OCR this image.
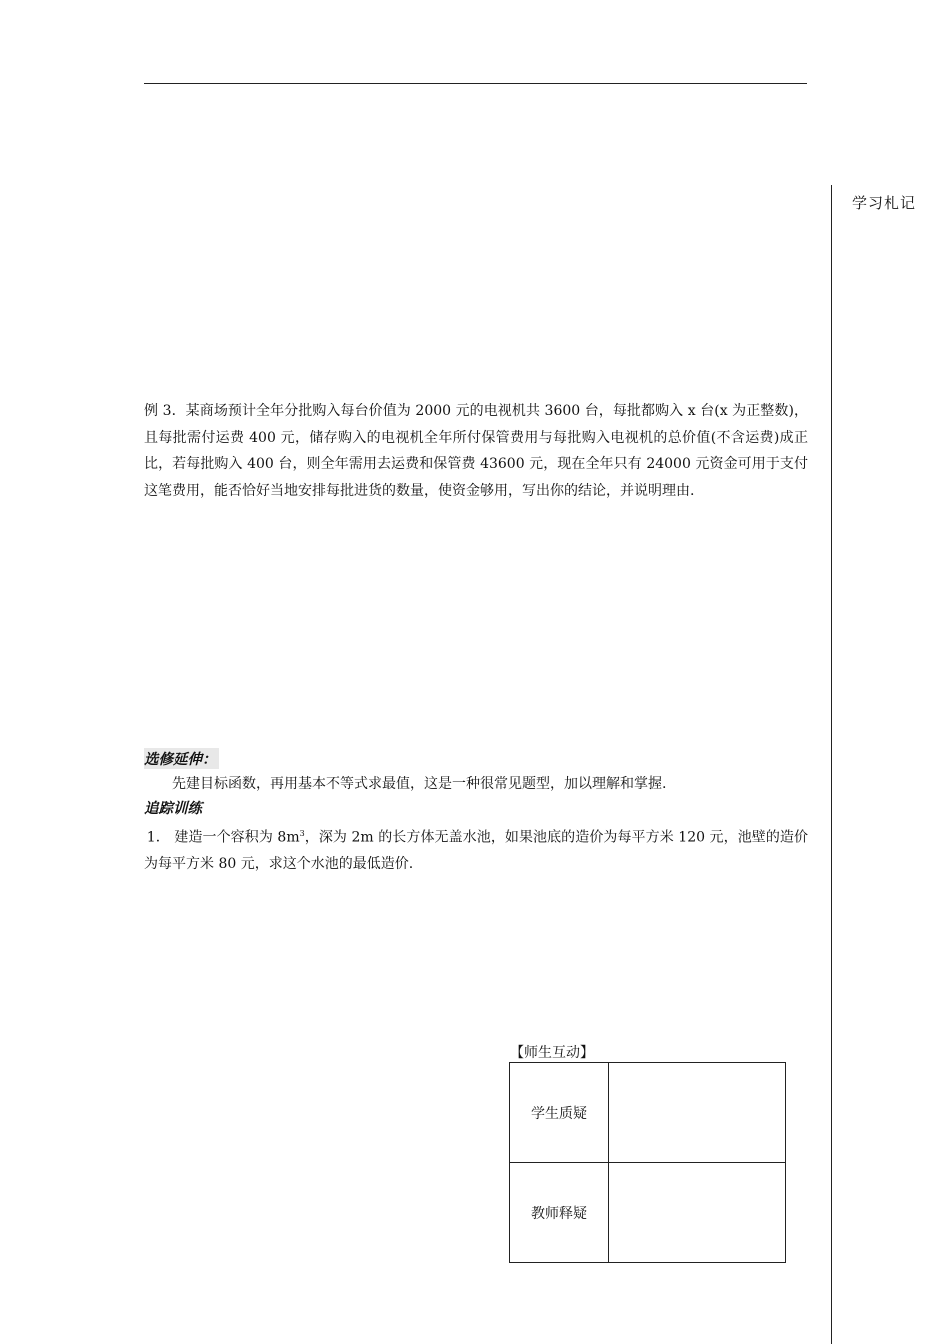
学习札记
例 3．某商场预计全年分批购入每台价值为 2000 元的电视机共 3600 台，每批都购入 x 台(x 为正整数)，且每批需付运费 400 元，储存购入的电视机全年所付保管费用与每批购入电视机的总价值(不含运费)成正比，若每批购入 400 台，则全年需用去运费和保管费 43600 元，现在全年只有 24000 元资金可用于支付这笔费用，能否恰好当地安排每批进货的数量，使资金够用，写出你的结论，并说明理由.
选修延伸：
先建目标函数，再用基本不等式求最值，这是一种很常见题型，加以理解和掌握.
追踪训练
1． 建造一个容积为 $8m^3$，深为 2m 的长方体无盖水池，如果池底的造价为每平方米 120 元，池壁的造价为每平方米 80 元，求这个水池的最低造价.
【师生互动】
学生质疑	
教师释疑	
